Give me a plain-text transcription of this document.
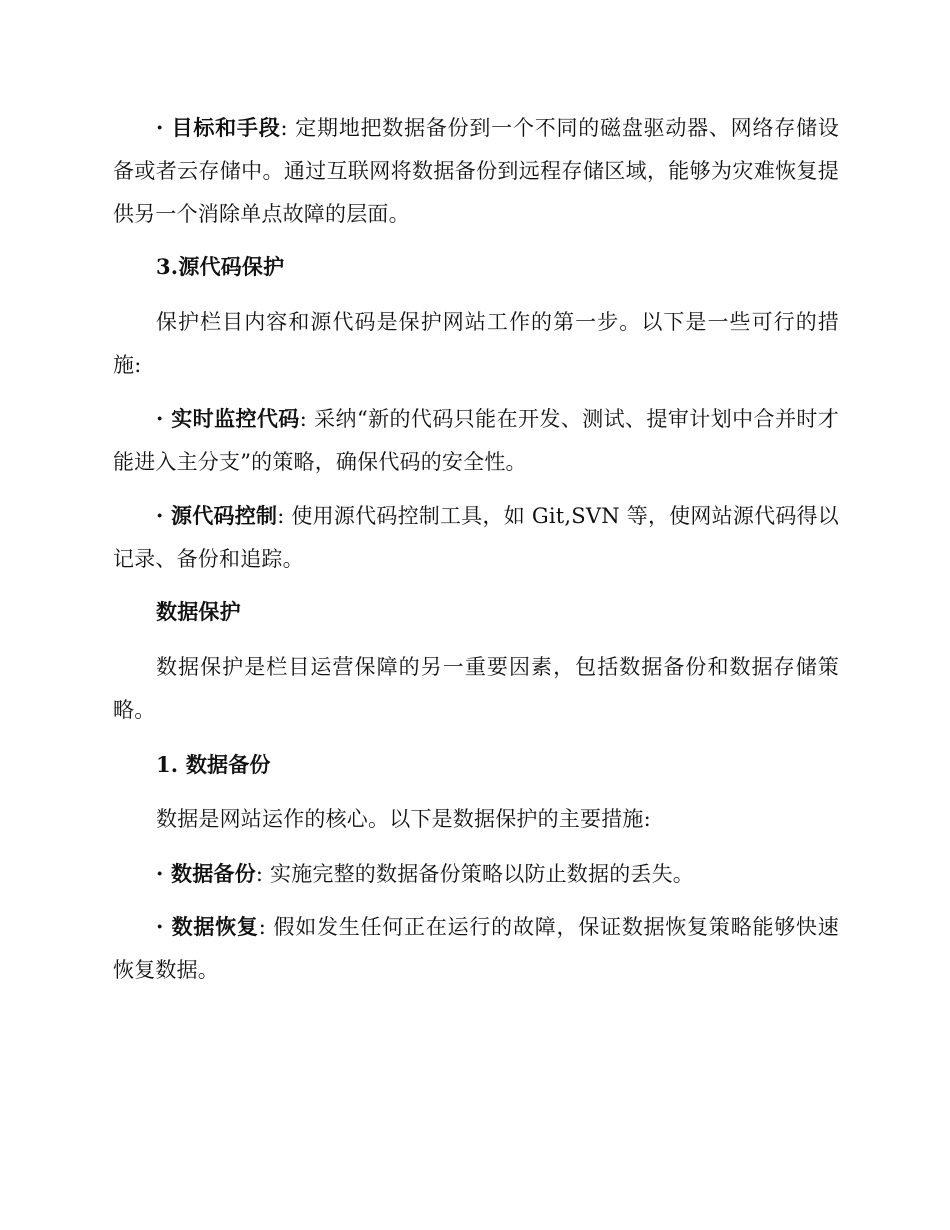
· 目标和手段: 定期地把数据备份到一个不同的磁盘驱动器、网络存储设备或者云存储中。通过互联网将数据备份到远程存储区域，能够为灾难恢复提供另一个消除单点故障的层面。

3.源代码保护

保护栏目内容和源代码是保护网站工作的第一步。以下是一些可行的措施:

· 实时监控代码: 采纳“新的代码只能在开发、测试、提审计划中合并时才能进入主分支”的策略，确保代码的安全性。

· 源代码控制: 使用源代码控制工具，如 Git,SVN 等，使网站源代码得以记录、备份和追踪。

数据保护

数据保护是栏目运营保障的另一重要因素，包括数据备份和数据存储策略。

1. 数据备份

数据是网站运作的核心。以下是数据保护的主要措施:

· 数据备份: 实施完整的数据备份策略以防止数据的丢失。

· 数据恢复: 假如发生任何正在运行的故障，保证数据恢复策略能够快速恢复数据。
